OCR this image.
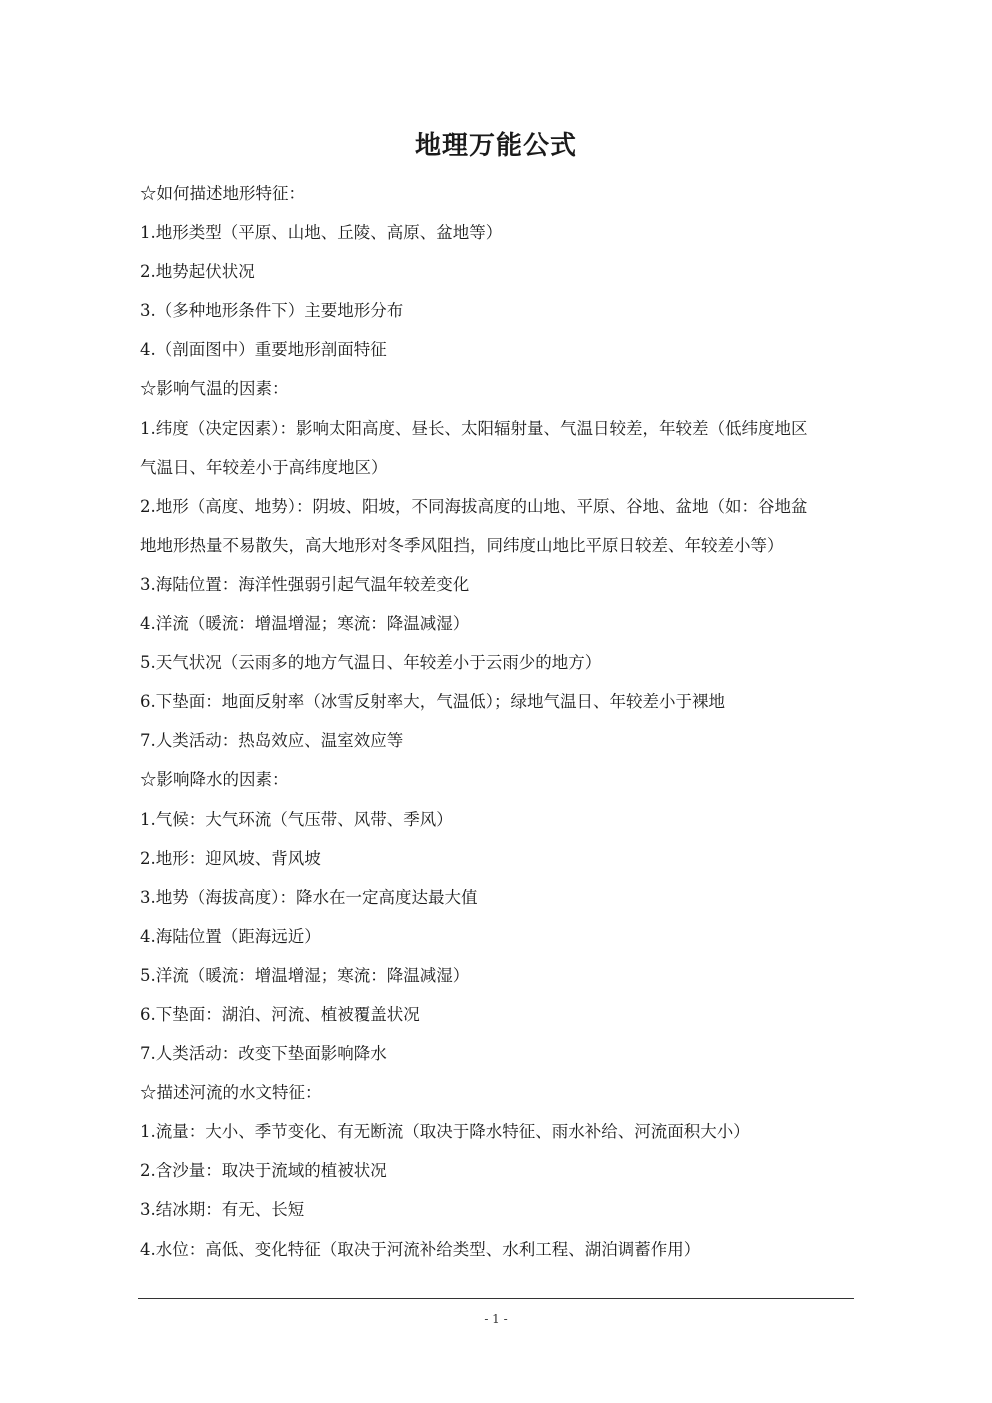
地理万能公式
☆如何描述地形特征：
1.地形类型（平原、山地、丘陵、高原、盆地等）
2.地势起伏状况
3.（多种地形条件下）主要地形分布
4.（剖面图中）重要地形剖面特征
☆影响气温的因素：
1.纬度（决定因素）：影响太阳高度、昼长、太阳辐射量、气温日较差，年较差（低纬度地区
气温日、年较差小于高纬度地区）
2.地形（高度、地势）：阴坡、阳坡，不同海拔高度的山地、平原、谷地、盆地（如：谷地盆
地地形热量不易散失，高大地形对冬季风阻挡，同纬度山地比平原日较差、年较差小等）
3.海陆位置：海洋性强弱引起气温年较差变化
4.洋流（暖流：增温增湿；寒流：降温减湿）
5.天气状况（云雨多的地方气温日、年较差小于云雨少的地方）
6.下垫面：地面反射率（冰雪反射率大，气温低）；绿地气温日、年较差小于裸地
7.人类活动：热岛效应、温室效应等
☆影响降水的因素：
1.气候：大气环流（气压带、风带、季风）
2.地形：迎风坡、背风坡
3.地势（海拔高度）：降水在一定高度达最大值
4.海陆位置（距海远近）
5.洋流（暖流：增温增湿；寒流：降温减湿）
6.下垫面：湖泊、河流、植被覆盖状况
7.人类活动：改变下垫面影响降水
☆描述河流的水文特征：
1.流量：大小、季节变化、有无断流（取决于降水特征、雨水补给、河流面积大小）
2.含沙量：取决于流域的植被状况
3.结冰期：有无、长短
4.水位：高低、变化特征（取决于河流补给类型、水利工程、湖泊调蓄作用）
- 1 -
